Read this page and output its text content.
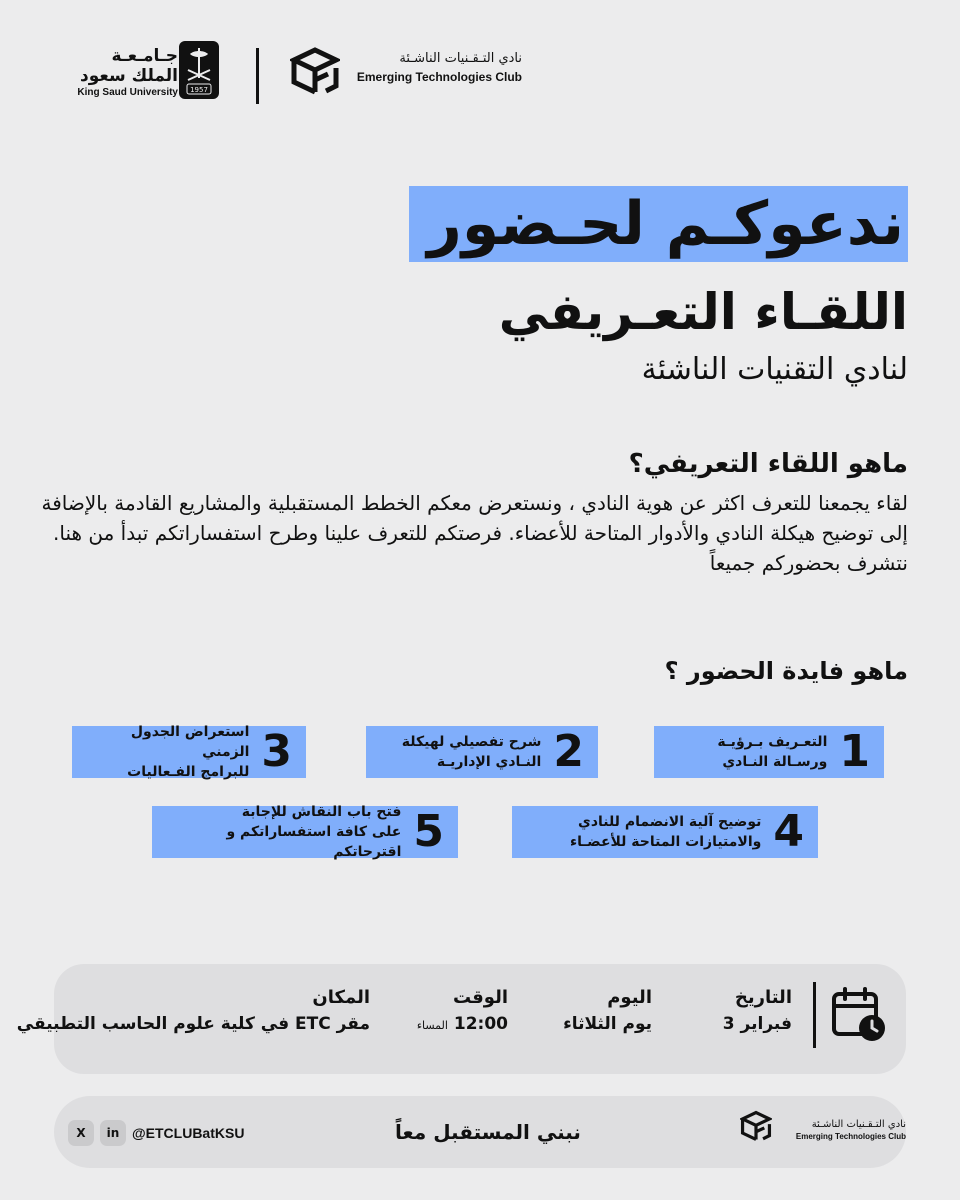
جـامـعـة
الملك سعود
King Saud University 1957
نادي التـقـنيات الناشـئة
Emerging Technologies Club
ندعوكـم لحـضور
اللقـاء التعـريفي
لنادي التقنيات الناشئة
ماهو اللقاء التعريفي؟
لقاء يجمعنا للتعرف اكثر عن هوية النادي ، ونستعرض معكم الخطط المستقبلية والمشاريع القادمة بالإضافة إلى توضيح هيكلة النادي والأدوار المتاحة للأعضاء. فرصتكم للتعرف علينا وطرح استفساراتكم تبدأ من هنا. نتشرف بحضوركم جميعاً
ماهو فايدة الحضور ؟
1
التعـريف بـرؤيـة
ورسـالة النـادي
2
شرح تفصيلي لهيكلة
النـادي الإداريـة
3
استعراض الجدول الزمني
للبرامج الفـعاليات
4
توضيح آلية الانضمام للنادي
والامتيازات المتاحة للأعضـاء
5
فتح باب النقاش للإجابة
على كافة استفساراتكم و اقترحاتكم
التاريخ
فبراير 3
اليوم
يوم الثلاثاء
الوقت
12:00 المساء
المكان
مقر ETC في كلية علوم الحاسب التطبيقي
X	in @ETCLUBatKSU	نبني المستقبل معاً	نادي التـقـنيات الناشـئة
Emerging Technologies Club
